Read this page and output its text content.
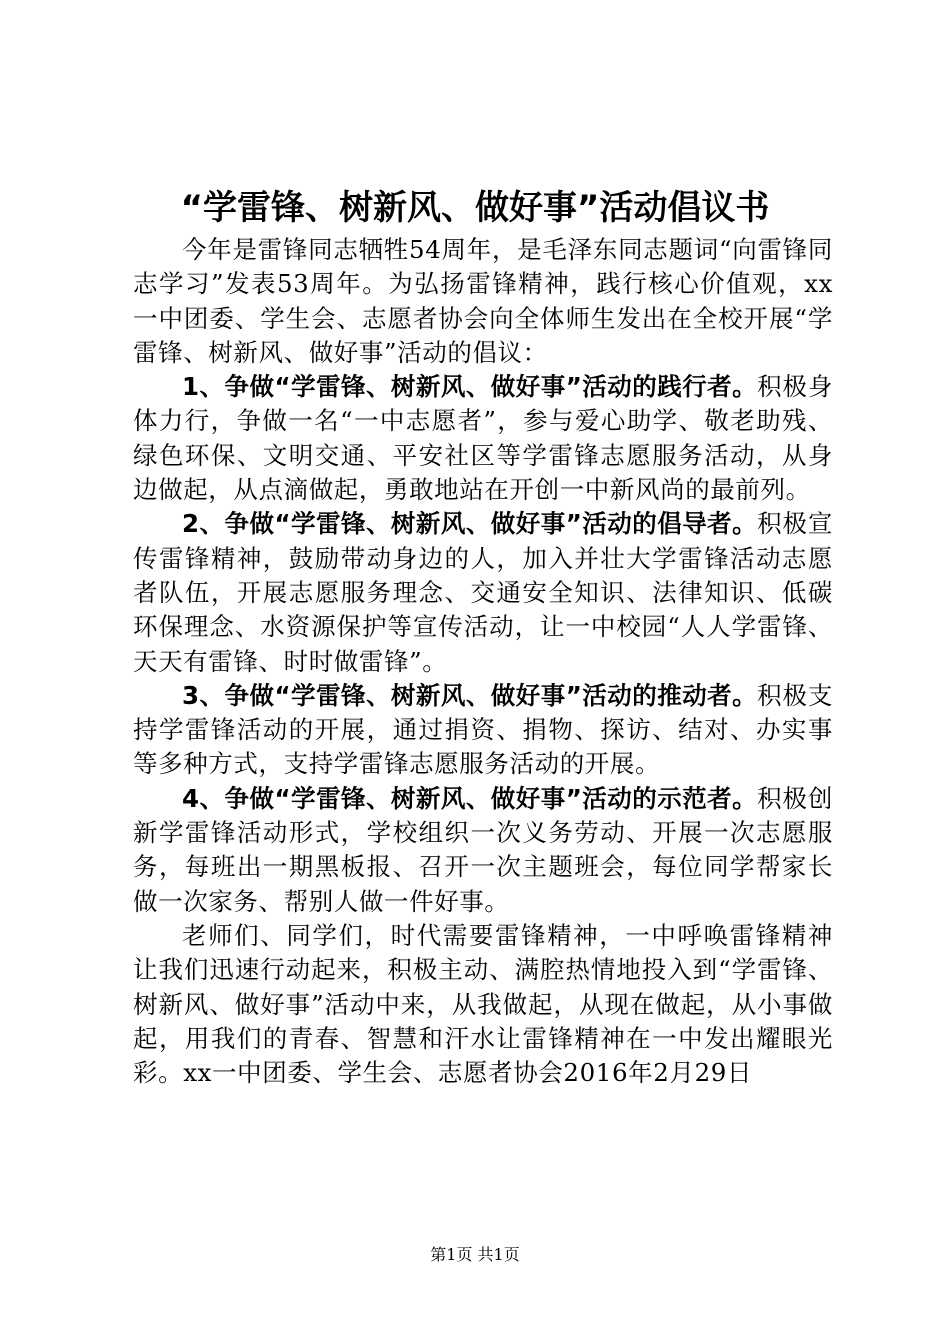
“学雷锋、树新风、做好事”活动倡议书

今年是雷锋同志牺牲54周年，是毛泽东同志题词“向雷锋同志学习”发表53周年。为弘扬雷锋精神，践行核心价值观，xx一中团委、学生会、志愿者协会向全体师生发出在全校开展“学雷锋、树新风、做好事”活动的倡议：

1、争做“学雷锋、树新风、做好事”活动的践行者。积极身体力行，争做一名“一中志愿者”，参与爱心助学、敬老助残、绿色环保、文明交通、平安社区等学雷锋志愿服务活动，从身边做起，从点滴做起，勇敢地站在开创一中新风尚的最前列。

2、争做“学雷锋、树新风、做好事”活动的倡导者。积极宣传雷锋精神，鼓励带动身边的人，加入并壮大学雷锋活动志愿者队伍，开展志愿服务理念、交通安全知识、法律知识、低碳环保理念、水资源保护等宣传活动，让一中校园“人人学雷锋、天天有雷锋、时时做雷锋”。

3、争做“学雷锋、树新风、做好事”活动的推动者。积极支持学雷锋活动的开展，通过捐资、捐物、探访、结对、办实事等多种方式，支持学雷锋志愿服务活动的开展。

4、争做“学雷锋、树新风、做好事”活动的示范者。积极创新学雷锋活动形式，学校组织一次义务劳动、开展一次志愿服务，每班出一期黑板报、召开一次主题班会，每位同学帮家长做一次家务、帮别人做一件好事。

老师们、同学们，时代需要雷锋精神，一中呼唤雷锋精神让我们迅速行动起来，积极主动、满腔热情地投入到“学雷锋、树新风、做好事”活动中来，从我做起，从现在做起，从小事做起，用我们的青春、智慧和汗水让雷锋精神在一中发出耀眼光彩。xx一中团委、学生会、志愿者协会2016年2月29日

第1页 共1页
